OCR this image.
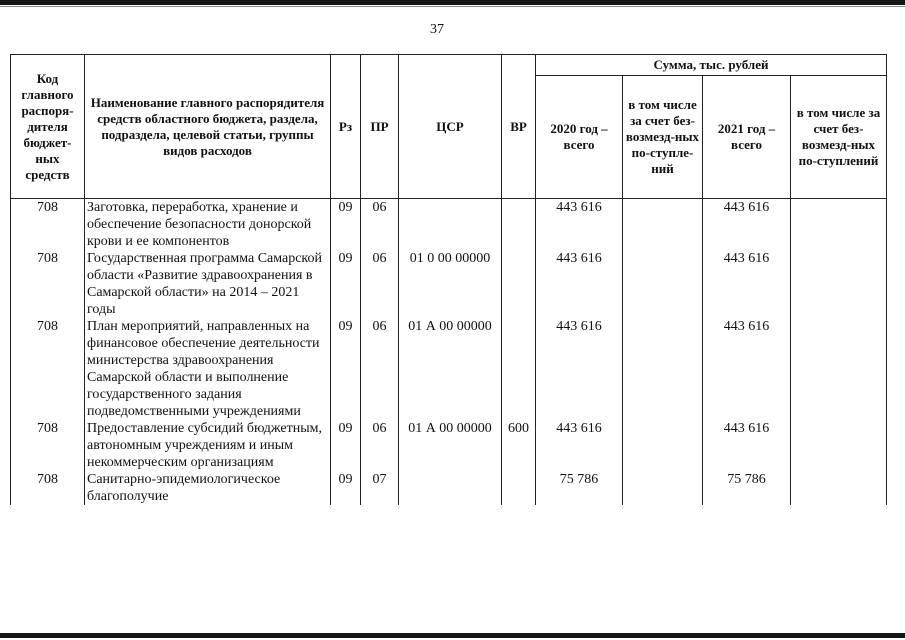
37
Код главного распоря-дителя бюджет-ных средств	Наименование главного распорядителя средств областного бюджета, раздела, подраздела, целевой статьи, группы видов расходов	Рз	ПР	ЦСР	ВР	Сумма, тыс. рублей			
						2020 год – всего	в том числе за счет без-возмезд-ных по-ступле-ний	2021 год – всего	в том числе за счет без-возмезд-ных по-ступлений
708	Заготовка, переработка, хранение и обеспечение безопасности донорской крови и ее компонентов	09	06			443 616		443 616	
708	Государственная программа Самарской области «Развитие здравоохранения в Самарской области» на 2014 – 2021 годы	09	06	01 0 00 00000		443 616		443 616	
708	План мероприятий, направленных на финансовое обеспечение деятельности министерства здравоохранения Самарской области и выполнение государственного задания подведомственными учреждениями	09	06	01 А 00 00000		443 616		443 616	
708	Предоставление субсидий бюджетным, автономным учреждениям и иным некоммерческим организациям	09	06	01 А 00 00000	600	443 616		443 616	
708	Санитарно-эпидемиологическое благополучие	09	07			75 786		75 786	
